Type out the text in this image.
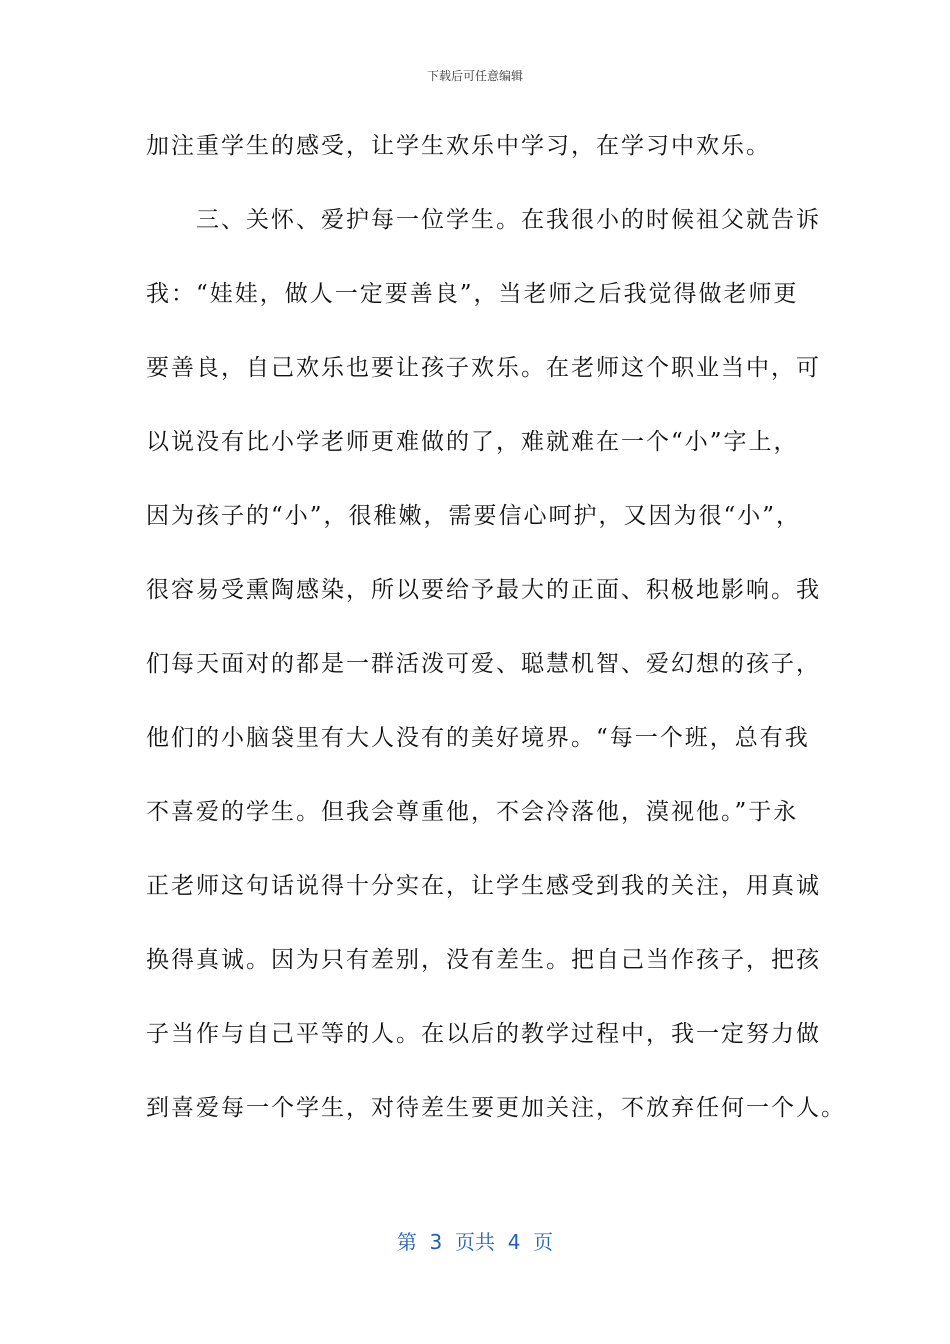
下载后可任意编辑
加注重学生的感受，让学生欢乐中学习，在学习中欢乐。
　　三、关怀、爱护每一位学生。在我很小的时候祖父就告诉
我：“娃娃，做人一定要善良”，当老师之后我觉得做老师更
要善良，自己欢乐也要让孩子欢乐。在老师这个职业当中，可
以说没有比小学老师更难做的了，难就难在一个“小”字上，
因为孩子的“小”，很稚嫩，需要信心呵护，又因为很“小”，
很容易受熏陶感染，所以要给予最大的正面、积极地影响。我
们每天面对的都是一群活泼可爱、聪慧机智、爱幻想的孩子，
他们的小脑袋里有大人没有的美好境界。“每一个班，总有我
不喜爱的学生。但我会尊重他，不会冷落他，漠视他。”于永
正老师这句话说得十分实在，让学生感受到我的关注，用真诚
换得真诚。因为只有差别，没有差生。把自己当作孩子，把孩
子当作与自己平等的人。在以后的教学过程中，我一定努力做
到喜爱每一个学生，对待差生要更加关注，不放弃任何一个人。
第  3  页共  4  页
